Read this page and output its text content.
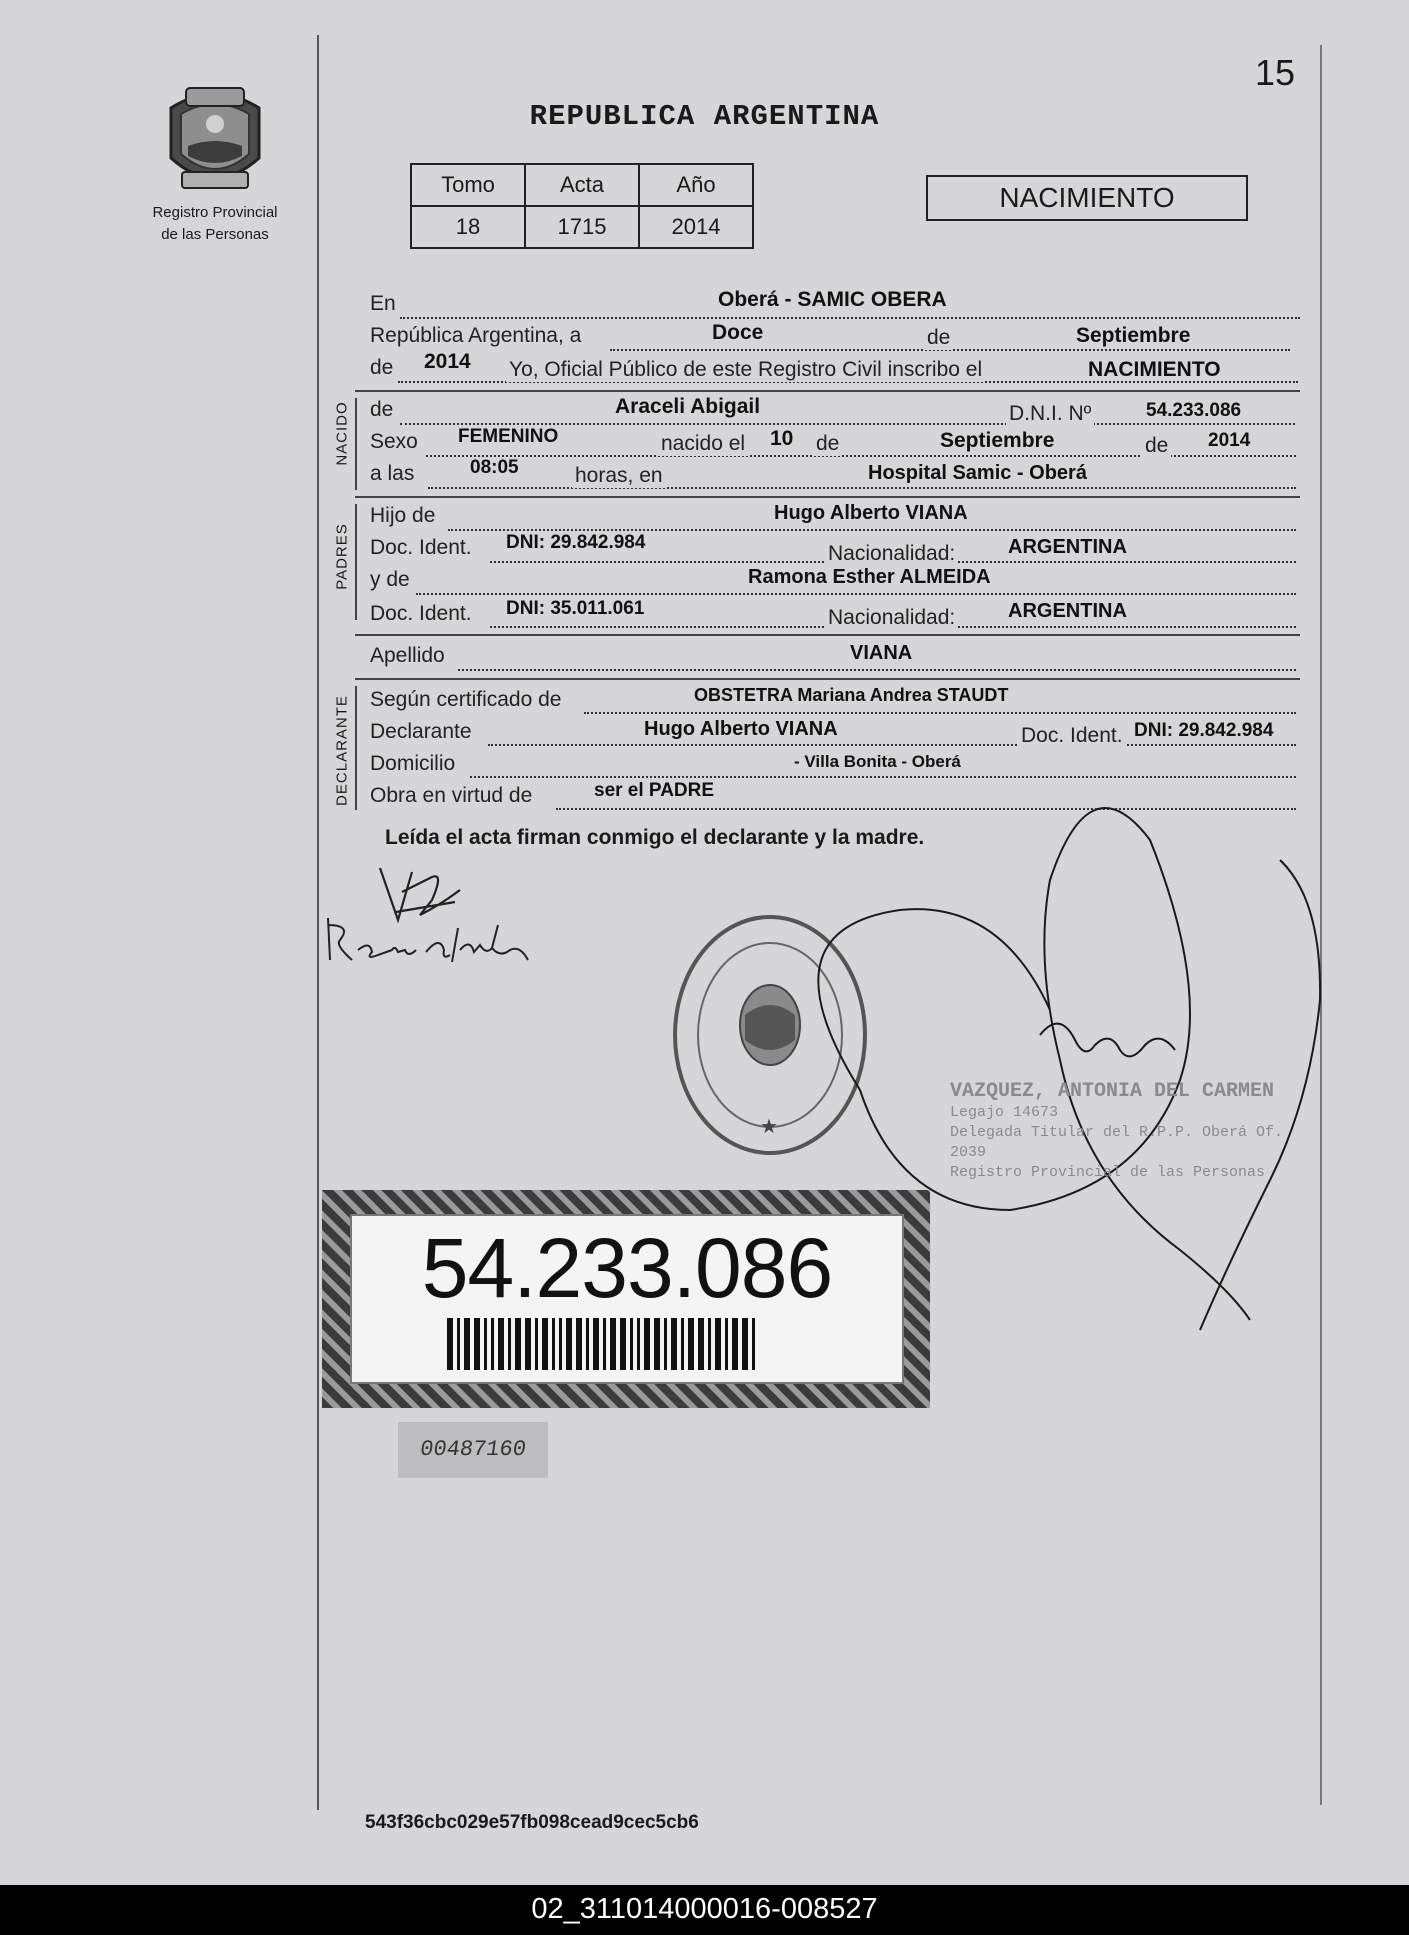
15
Registro Provincial
de las Personas
REPUBLICA ARGENTINA
Tomo	Acta	Año
18	1715	2014
NACIMIENTO
En	Oberá - SAMIC OBERA
República Argentina, a	Doce	de	Septiembre
de 2014 Yo, Oficial Público de este Registro Civil inscribo el	NACIMIENTO
NACIDO de	Araceli Abigail	D.N.I. Nº	54.233.086
Sexo FEMENINO	nacido el 10 de	Septiembre	de 2014
a las	08:05	horas, en	Hospital Samic - Oberá
PADRES
Hijo de	Hugo Alberto VIANA
Doc. Ident. DNI: 29.842.984	Nacionalidad:	ARGENTINA
y de	Ramona Esther ALMEIDA
Doc. Ident. DNI: 35.011.061	Nacionalidad:	ARGENTINA
Apellido	VIANA
DECLARANTE Según certificado de	OBSTETRA Mariana Andrea STAUDT
Declarante	Hugo Alberto VIANA	Doc. Ident. DNI: 29.842.984
Domicilio	- Villa Bonita - Oberá
Obra en virtud de	ser el PADRE
Leída el acta firman conmigo el declarante y la madre.
★
VAZQUEZ, ANTONIA DEL CARMEN
Legajo 14673
Delegada Titular del R.P.P. Oberá Of. 2039
Registro Provincial de las Personas
54.233.086
00487160
543f36cbc029e57fb098cead9cec5cb6
02_311014000016-008527
